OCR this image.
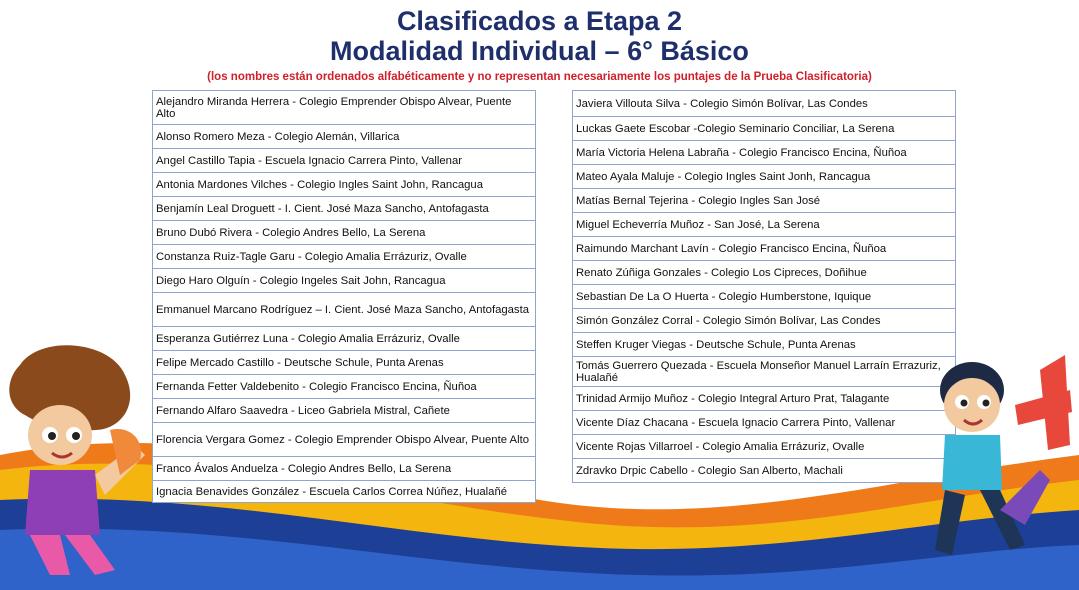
Clasificados a Etapa 2
Modalidad Individual – 6° Básico
(los nombres están ordenados alfabéticamente y no representan necesariamente los puntajes de la Prueba Clasificatoria)
Alejandro Miranda Herrera - Colegio Emprender Obispo Alvear, Puente Alto
Alonso Romero Meza - Colegio Alemán, Villarica
Angel Castillo Tapia - Escuela Ignacio Carrera Pinto, Vallenar
Antonia Mardones Vilches - Colegio Ingles Saint John, Rancagua
Benjamín Leal Droguett - I. Cient. José Maza Sancho, Antofagasta
Bruno Dubó Rivera - Colegio Andres Bello, La Serena
Constanza Ruiz-Tagle Garu - Colegio Amalia Errázuriz, Ovalle
Diego Haro Olguín - Colegio Ingeles Sait John, Rancagua
Emmanuel Marcano Rodríguez – I. Cient. José Maza Sancho, Antofagasta
Esperanza Gutiérrez Luna - Colegio Amalia Errázuriz, Ovalle
Felipe Mercado Castillo - Deutsche Schule, Punta Arenas
Fernanda Fetter Valdebenito - Colegio Francisco Encina, Ñuñoa
Fernando Alfaro Saavedra - Liceo Gabriela Mistral, Cañete
Florencia Vergara Gomez - Colegio Emprender Obispo Alvear, Puente Alto
Franco Ávalos Anduelza - Colegio Andres Bello, La Serena
Ignacia Benavides González - Escuela Carlos Correa Núñez, Hualañé
Javiera Villouta Silva - Colegio Simón Bolívar, Las Condes
Luckas Gaete Escobar -Colegio Seminario Conciliar, La Serena
María Victoria Helena Labraña - Colegio Francisco Encina, Ñuñoa
Mateo Ayala Maluje - Colegio Ingles Saint Jonh, Rancagua
Matías Bernal Tejerina - Colegio Ingles San José
Miguel Echeverría Muñoz - San José, La Serena
Raimundo Marchant Lavín - Colegio Francisco Encina, Ñuñoa
Renato Zúñiga Gonzales - Colegio Los Cipreces, Doñihue
Sebastian De La O Huerta - Colegio Humberstone, Iquique
Simón González Corral - Colegio Simón Bolívar, Las Condes
Steffen Kruger Viegas - Deutsche Schule, Punta Arenas
Tomás Guerrero Quezada - Escuela Monseñor Manuel Larraín Errazuriz, Hualañé
Trinidad Armijo Muñoz - Colegio Integral Arturo Prat, Talagante
Vicente Díaz Chacana - Escuela Ignacio Carrera Pinto, Vallenar
Vicente Rojas Villarroel - Colegio Amalia Errázuriz, Ovalle
Zdravko Drpic Cabello - Colegio San Alberto, Machali
